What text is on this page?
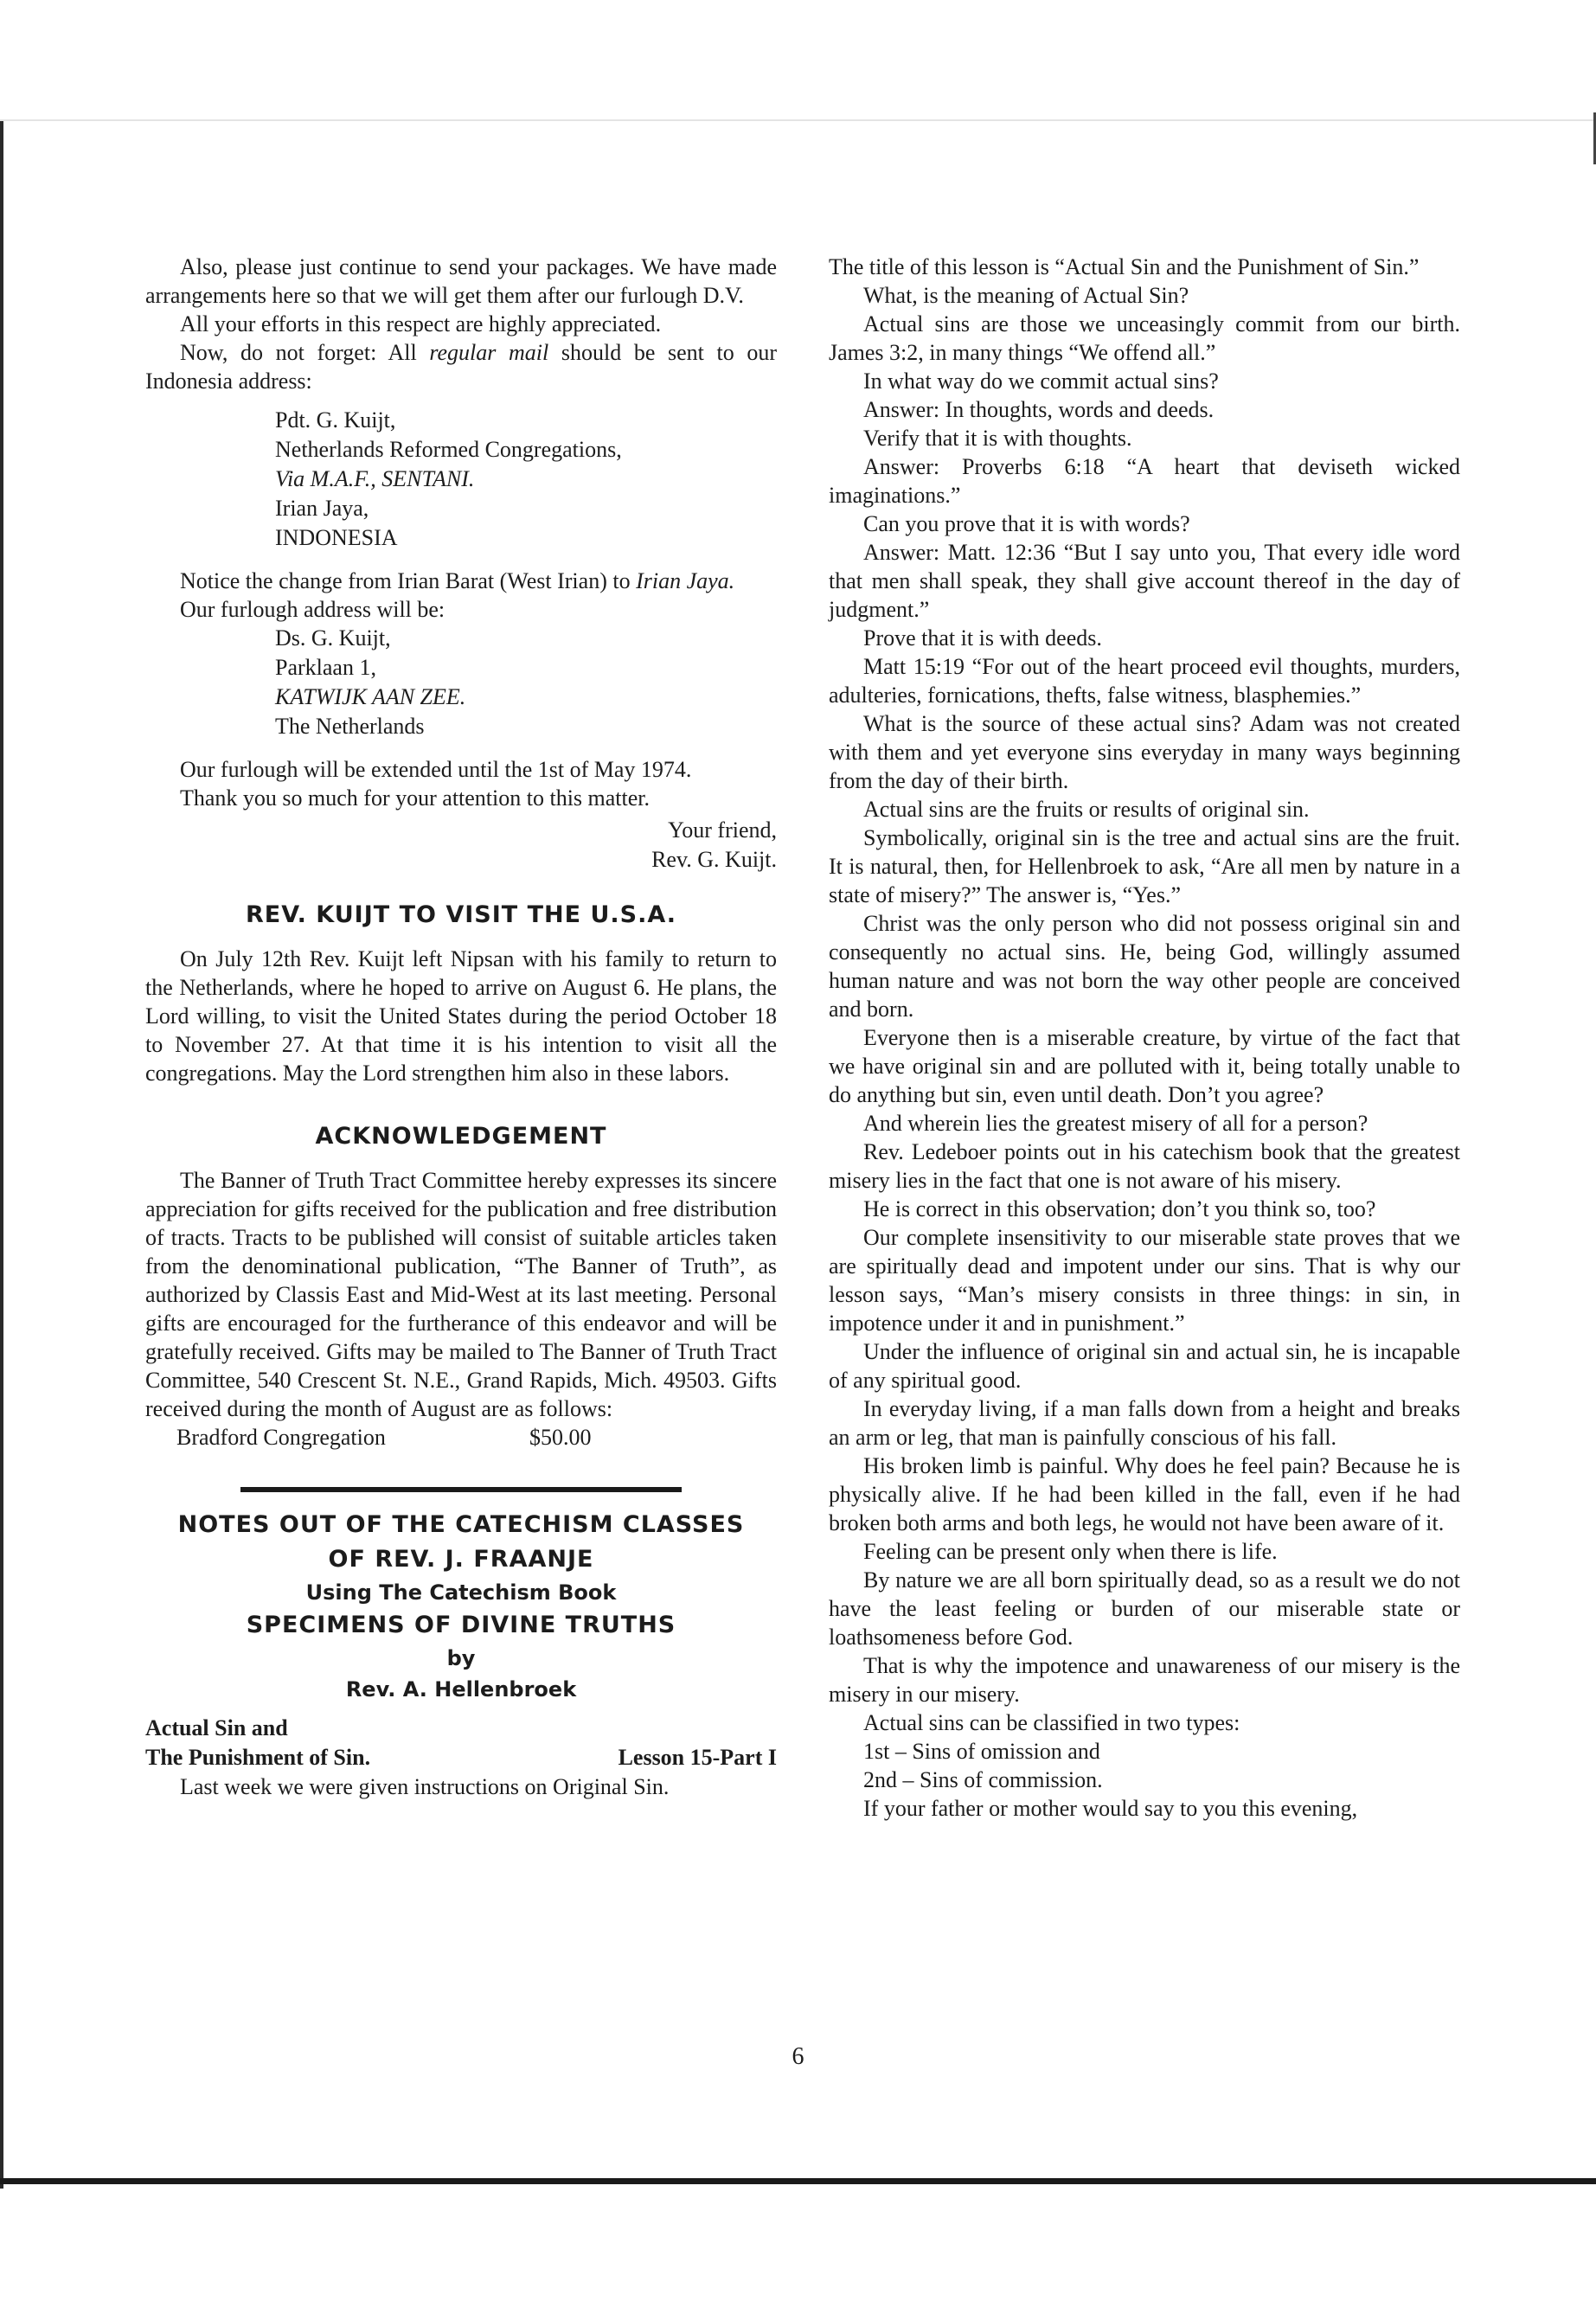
Also, please just continue to send your packages. We have made arrangements here so that we will get them after our furlough D.V.

All your efforts in this respect are highly appreciated.

Now, do not forget: All regular mail should be sent to our Indonesia address:

Pdt. G. Kuijt,
Netherlands Reformed Congregations,
Via M.A.F., SENTANI.
Irian Jaya,
INDONESIA

Notice the change from Irian Barat (West Irian) to Irian Jaya.

Our furlough address will be:

Ds. G. Kuijt,
Parklaan 1,
KATWIJK AAN ZEE.
The Netherlands

Our furlough will be extended until the 1st of May 1974.

Thank you so much for your attention to this matter.

Your friend,
Rev. G. Kuijt.
REV. KUIJT TO VISIT THE U.S.A.

On July 12th Rev. Kuijt left Nipsan with his family to return to the Netherlands, where he hoped to arrive on August 6. He plans, the Lord willing, to visit the United States during the period October 18 to November 27. At that time it is his intention to visit all the congregations. May the Lord strengthen him also in these labors.

ACKNOWLEDGEMENT

The Banner of Truth Tract Committee hereby expresses its sincere appreciation for gifts received for the publication and free distribution of tracts. Tracts to be published will consist of suitable articles taken from the denominational publication, “The Banner of Truth”, as authorized by Classis East and Mid-West at its last meeting. Personal gifts are encouraged for the furtherance of this endeavor and will be gratefully received. Gifts may be mailed to The Banner of Truth Tract Committee, 540 Crescent St. N.E., Grand Rapids, Mich. 49503. Gifts received during the month of August are as follows:

Bradford Congregation	$50.00
NOTES OUT OF THE CATECHISM CLASSES
OF REV. J. FRAANJE
Using The Catechism Book
SPECIMENS OF DIVINE TRUTHS
by
Rev. A. Hellenbroek
Actual Sin and
The Punishment of Sin.	Lesson 15-Part I

Last week we were given instructions on Original Sin.

The title of this lesson is “Actual Sin and the Punishment of Sin.”

What, is the meaning of Actual Sin?

Actual sins are those we unceasingly commit from our birth. James 3:2, in many things “We offend all.”

In what way do we commit actual sins?

Answer: In thoughts, words and deeds.

Verify that it is with thoughts.

Answer: Proverbs 6:18 “A heart that deviseth wicked imaginations.”

Can you prove that it is with words?

Answer: Matt. 12:36 “But I say unto you, That every idle word that men shall speak, they shall give account thereof in the day of judgment.”

Prove that it is with deeds.

Matt 15:19 “For out of the heart proceed evil thoughts, murders, adulteries, fornications, thefts, false witness, blasphemies.”

What is the source of these actual sins? Adam was not created with them and yet everyone sins everyday in many ways beginning from the day of their birth.

Actual sins are the fruits or results of original sin.

Symbolically, original sin is the tree and actual sins are the fruit. It is natural, then, for Hellenbroek to ask, “Are all men by nature in a state of misery?” The answer is, “Yes.”

Christ was the only person who did not possess original sin and consequently no actual sins. He, being God, willingly assumed human nature and was not born the way other people are conceived and born.

Everyone then is a miserable creature, by virtue of the fact that we have original sin and are polluted with it, being totally unable to do anything but sin, even until death. Don’t you agree?

And wherein lies the greatest misery of all for a person?

Rev. Ledeboer points out in his catechism book that the greatest misery lies in the fact that one is not aware of his misery.

He is correct in this observation; don’t you think so, too?

Our complete insensitivity to our miserable state proves that we are spiritually dead and impotent under our sins. That is why our lesson says, “Man’s misery consists in three things: in sin, in impotence under it and in punishment.”

Under the influence of original sin and actual sin, he is incapable of any spiritual good.

In everyday living, if a man falls down from a height and breaks an arm or leg, that man is painfully conscious of his fall.

His broken limb is painful. Why does he feel pain? Because he is physically alive. If he had been killed in the fall, even if he had broken both arms and both legs, he would not have been aware of it.

Feeling can be present only when there is life.

By nature we are all born spiritually dead, so as a result we do not have the least feeling or burden of our miserable state or loathsomeness before God.

That is why the impotence and unawareness of our misery is the misery in our misery.

Actual sins can be classified in two types:

1st – Sins of omission and

2nd – Sins of commission.

If your father or mother would say to you this evening,

6
